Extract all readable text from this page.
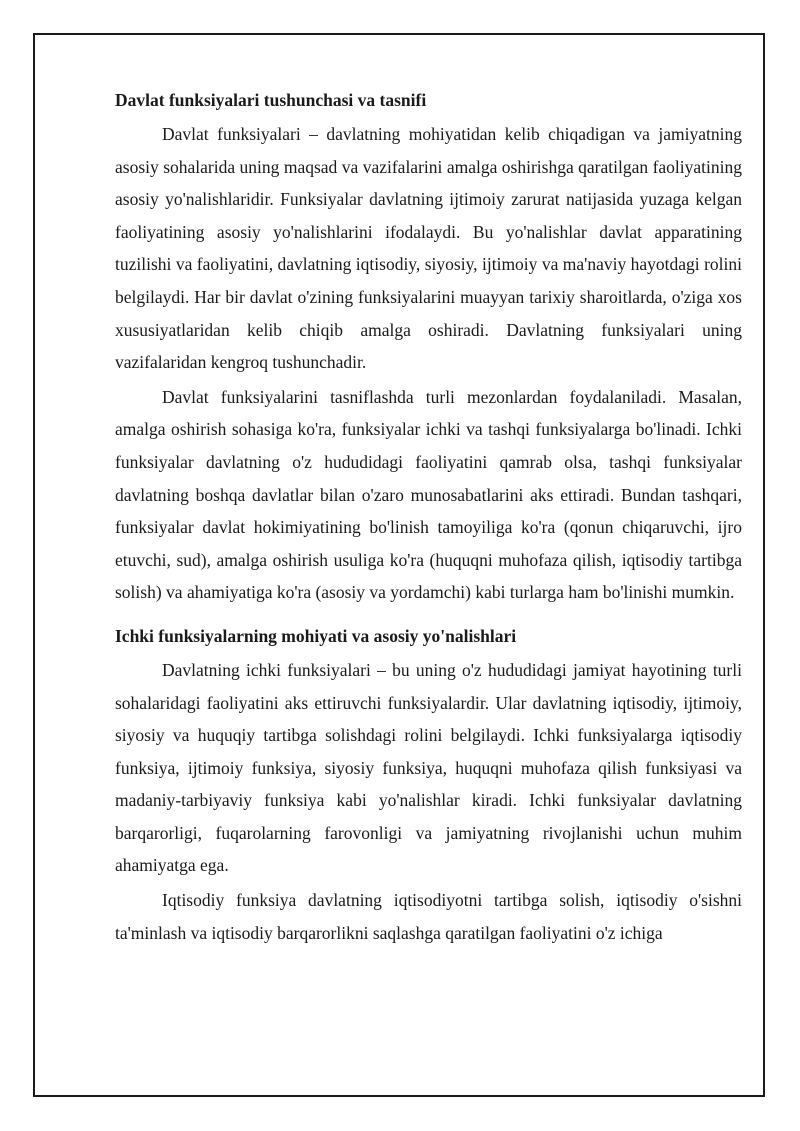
Davlat funksiyalari tushunchasi va tasnifi

Davlat funksiyalari – davlatning mohiyatidan kelib chiqadigan va jamiyatning asosiy sohalarida uning maqsad va vazifalarini amalga oshirishga qaratilgan faoliyatining asosiy yo'nalishlaridir. Funksiyalar davlatning ijtimoiy zarurat natijasida yuzaga kelgan faoliyatining asosiy yo'nalishlarini ifodalaydi. Bu yo'nalishlar davlat apparatining tuzilishi va faoliyatini, davlatning iqtisodiy, siyosiy, ijtimoiy va ma'naviy hayotdagi rolini belgilaydi. Har bir davlat o'zining funksiyalarini muayyan tarixiy sharoitlarda, o'ziga xos xususiyatlaridan kelib chiqib amalga oshiradi. Davlatning funksiyalari uning vazifalaridan kengroq tushunchadir.

Davlat funksiyalarini tasniflashda turli mezonlardan foydalaniladi. Masalan, amalga oshirish sohasiga ko'ra, funksiyalar ichki va tashqi funksiyalarga bo'linadi. Ichki funksiyalar davlatning o'z hududidagi faoliyatini qamrab olsa, tashqi funksiyalar davlatning boshqa davlatlar bilan o'zaro munosabatlarini aks ettiradi. Bundan tashqari, funksiyalar davlat hokimiyatining bo'linish tamoyiliga ko'ra (qonun chiqaruvchi, ijro etuvchi, sud), amalga oshirish usuliga ko'ra (huquqni muhofaza qilish, iqtisodiy tartibga solish) va ahamiyatiga ko'ra (asosiy va yordamchi) kabi turlarga ham bo'linishi mumkin.

Ichki funksiyalarning mohiyati va asosiy yo'nalishlari

Davlatning ichki funksiyalari – bu uning o'z hududidagi jamiyat hayotining turli sohalaridagi faoliyatini aks ettiruvchi funksiyalardir. Ular davlatning iqtisodiy, ijtimoiy, siyosiy va huquqiy tartibga solishdagi rolini belgilaydi. Ichki funksiyalarga iqtisodiy funksiya, ijtimoiy funksiya, siyosiy funksiya, huquqni muhofaza qilish funksiyasi va madaniy-tarbiyaviy funksiya kabi yo'nalishlar kiradi. Ichki funksiyalar davlatning barqarorligi, fuqarolarning farovonligi va jamiyatning rivojlanishi uchun muhim ahamiyatga ega.

Iqtisodiy funksiya davlatning iqtisodiyotni tartibga solish, iqtisodiy o'sishni ta'minlash va iqtisodiy barqarorlikni saqlashga qaratilgan faoliyatini o'z ichiga
